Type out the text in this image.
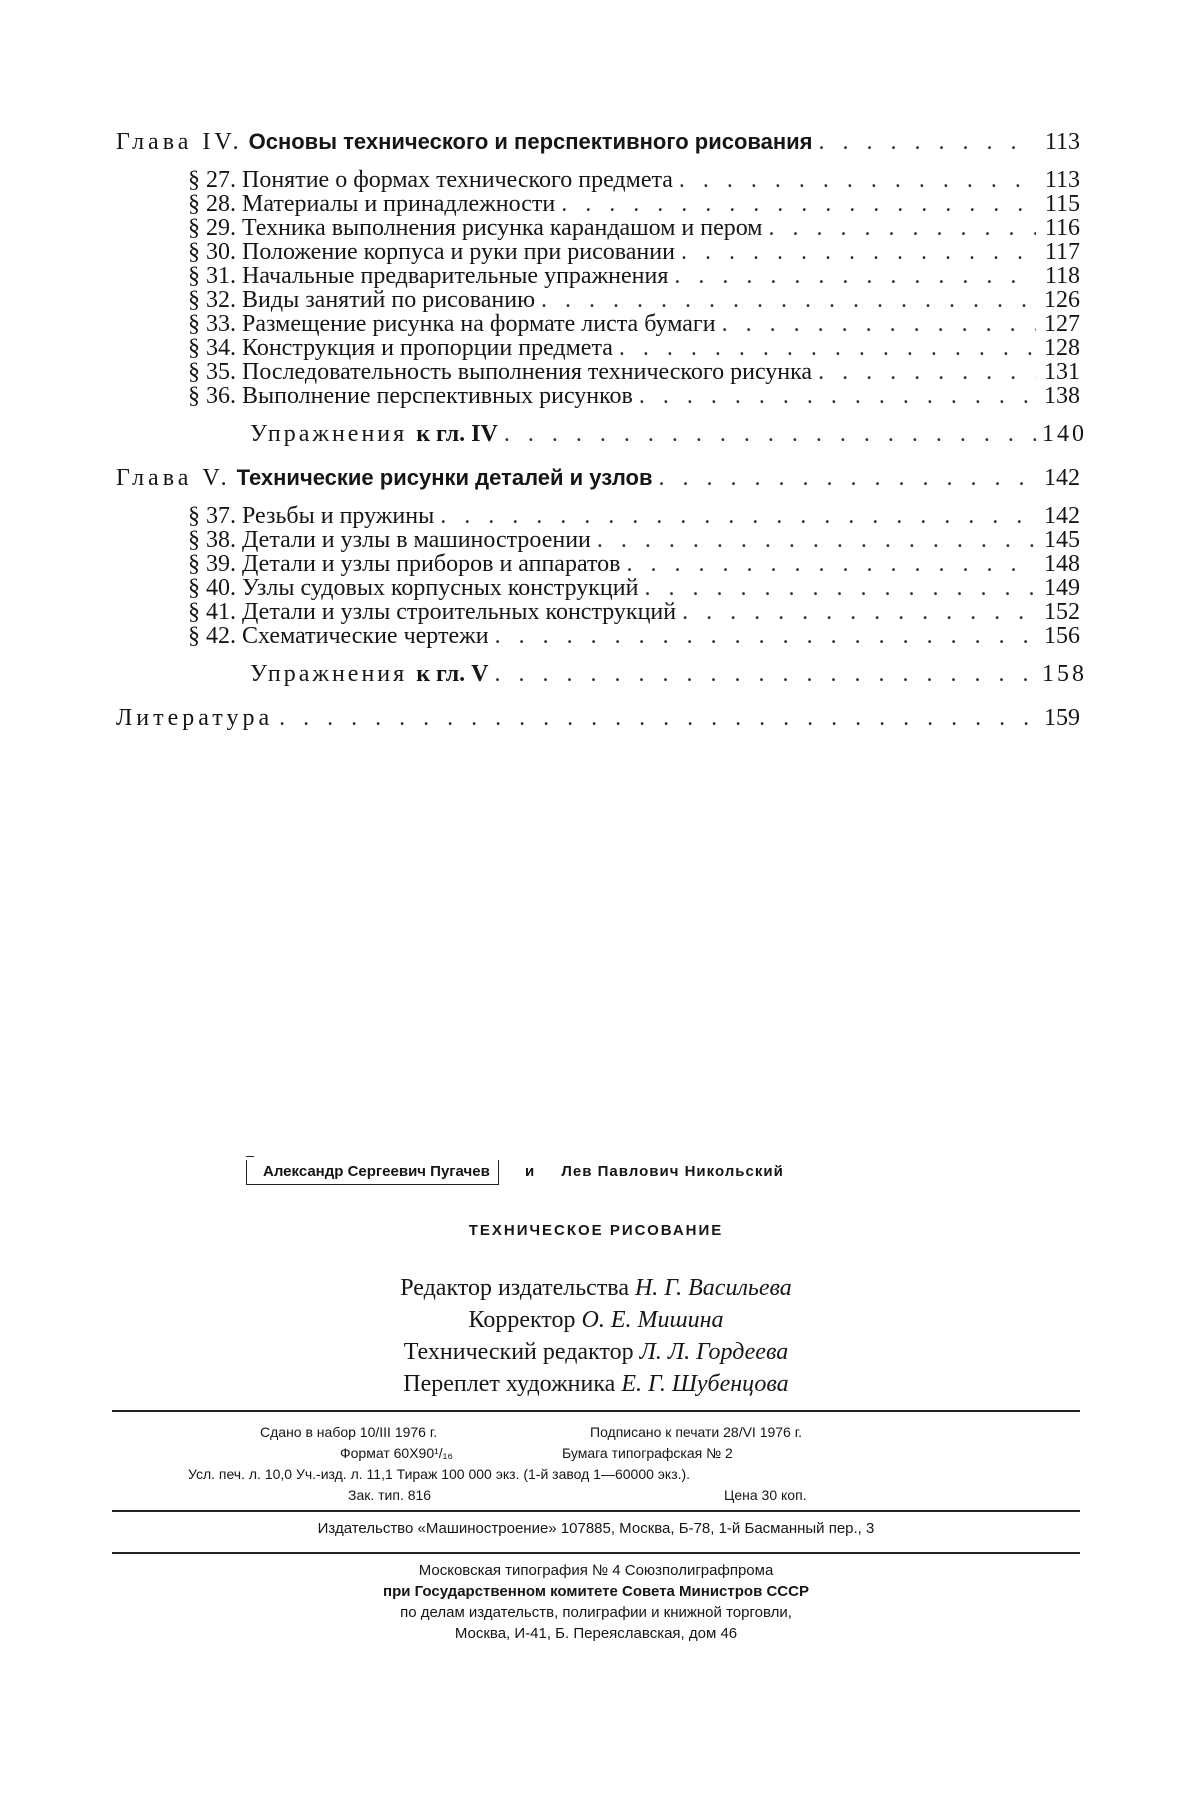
Глава IV.
Основы технического и перспективного рисования
. . .	113
§ 27.
Понятие о формах технического предмета
. . .	113
§ 28.
Материалы и принадлежности
. . .	115
§ 29.
Техника выполнения рисунка карандашом и пером
. . .	116
§ 30.
Положение корпуса и руки при рисовании
. . .	117
§ 31.
Начальные предварительные упражнения
. . .	118
§ 32.
Виды занятий по рисованию
. . .	126
§ 33.
Размещение рисунка на формате листа бумаги
. . .	127
§ 34.
Конструкция и пропорции предмета
. . .	128
§ 35.
Последовательность выполнения технического рисунка
. . .	131
§ 36.
Выполнение перспективных рисунков
. . .	138
Упражнения
к гл. IV
. . .	140
Глава V.
Технические рисунки деталей и узлов
. . .	142
§ 37.
Резьбы и пружины
. . .	142
§ 38.
Детали и узлы в машиностроении
. . .	145
§ 39.
Детали и узлы приборов и аппаратов
. . .	148
§ 40.
Узлы судовых корпусных конструкций
. . .	149
§ 41.
Детали и узлы строительных конструкций
. . .	152
§ 42.
Схематические чертежи
. . .	156
Упражнения
к гл. V
. . .	158
Литература
. . .	159
Александр Сергеевич Пугачев и Лев Павлович Никольский
ТЕХНИЧЕСКОЕ РИСОВАНИЕ
Редактор издательства Н. Г. Васильева
Корректор О. Е. Мишина
Технический редактор Л. Л. Гордеева
Переплет художника Е. Г. Шубенцова
Сдано в набор 10/III 1976 г.	Подписано к печати 28/VI 1976 г.
Формат 60X90¹/₁₆	Бумага типографская № 2
Усл. печ. л. 10,0 Уч.-изд. л. 11,1 Тираж 100 000 экз. (1-й завод 1—60000 экз.).
Зак. тип. 816	Цена 30 коп.
Издательство «Машиностроение» 107885, Москва, Б-78, 1-й Басманный пер., 3
Московская типография № 4 Союзполиграфпрома
при Государственном комитете Совета Министров СССР
по делам издательств, полиграфии и книжной торговли,
Москва, И-41, Б. Переяславская, дом 46
